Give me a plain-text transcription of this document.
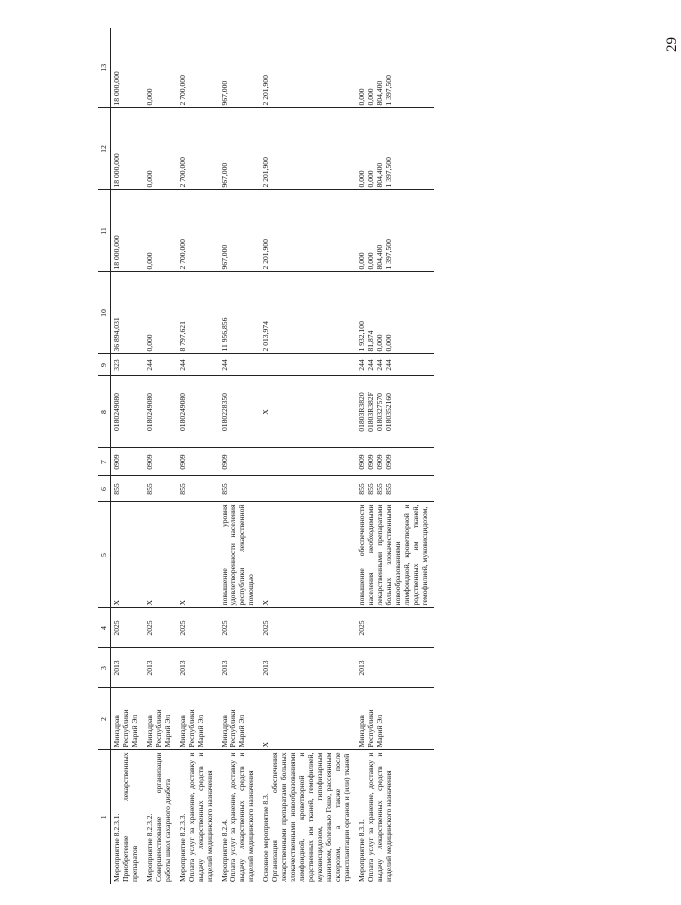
29
1	2	3	4	5	6	7	8	9	10	11	12	13

Мероприятие 8.2.3.1. Приобретение лекарственных препаратов	Минздрав Республики Марий Эл	2013	2025	X	855	0909	0180249080	323	36 894,031	18 000,000	18 000,000	18 000,000

Мероприятие 8.2.3.2. Совершенствование организации работы школ сахарного диабета	Минздрав Республики Марий Эл	2013	2025	X	855	0909	0180249080	244	0,000	0,000	0,000	0,000

Мероприятие 8.2.3.3. Оплата услуг за хранение, доставку и выдачу лекарственных средств и изделий медицинского назначения	Минздрав Республики Марий Эл	2013	2025	X	855	0909	0180249080	244	8 797,621	2 700,000	2 700,000	2 700,000

Мероприятие 8.2.4. Оплата услуг за хранение, доставку и выдачу лекарственных средств и изделий медицинского назначения	Минздрав Республики Марий Эл	2013	2025	повышение уровня удовлетворенности населения республики лекарственной помощью	855	0909	0180228350	244	11 956,856	967,000	967,000	967,000

Основное мероприятие 8.3. Организация обеспечения лекарственными препаратами больных злокачественными новообразованиями лимфоидной, кроветворной и родственных им тканей, гемофилией, муковисцидозом, гипофизарным нанизмом, болезнью Гоше, рассеянным склерозом, а также после трансплантации органов и (или) тканей	X	2013	2025	X			X		2 013,974	2 201,900	2 201,900	2 201,900

Мероприятие 8.3.1. Оплата услуг за хранение, доставку и выдачу лекарственных средств и изделий медицинского назначения	Минздрав Республики Марий Эл	2013	2025	повышение обеспеченности населения необходимыми лекарственными препаратами больных злокачественными новообразованиями лимфоидной, кроветворной и родственных им тканей, гемофилией, муковисцидозом,	855 855 855 855	0909 0909 0909 0909	01803R3820 01803R382F 0180327570 0180352160	244 244 244 244	1 932,100 81,874 0,000 0,000	0,000 0,000 804,400 1 397,500	0,000 0,000 804,400 1 397,500	0,000 0,000 804,400 1 397,500
